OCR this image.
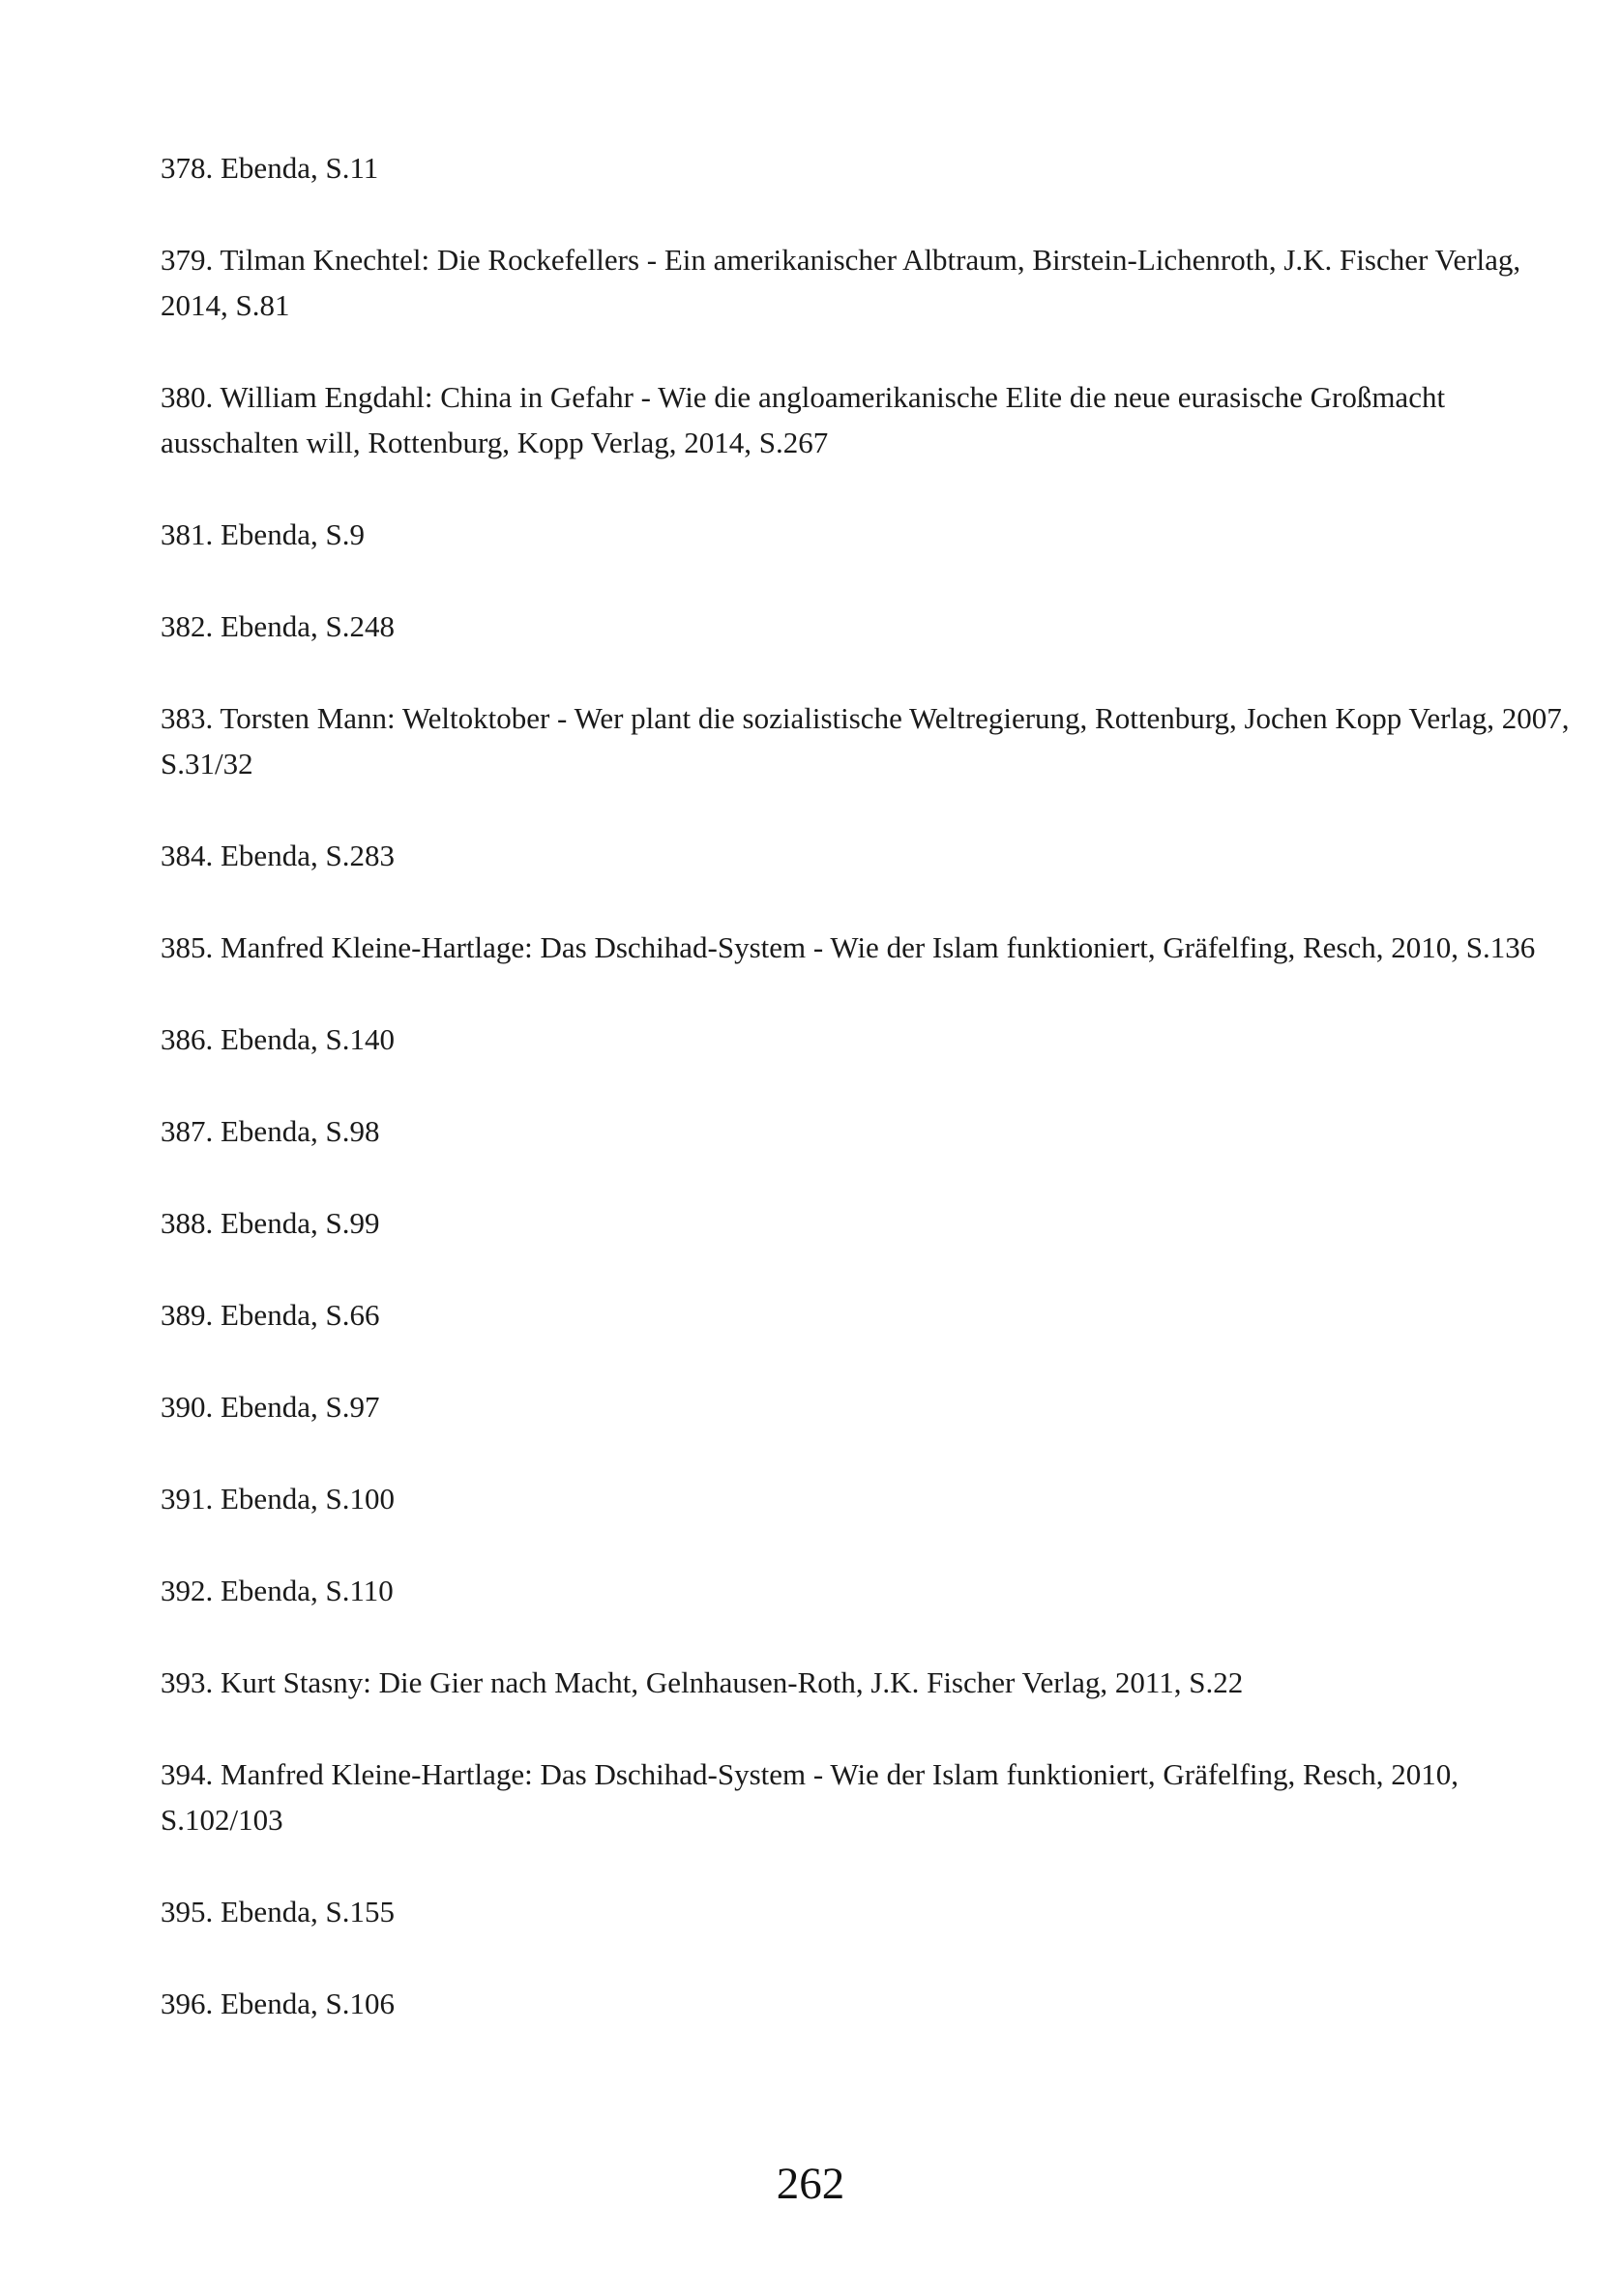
378. Ebenda, S.11
379. Tilman Knechtel: Die Rockefellers - Ein amerikanischer Albtraum, Birstein-Lichenroth, J.K. Fischer Verlag, 2014, S.81
380. William Engdahl: China in Gefahr - Wie die angloamerikanische Elite die neue eurasische Großmacht ausschalten will, Rottenburg, Kopp Verlag, 2014, S.267
381. Ebenda, S.9
382. Ebenda, S.248
383. Torsten Mann: Weltoktober - Wer plant die sozialistische Weltregierung, Rottenburg, Jochen Kopp Verlag, 2007, S.31/32
384. Ebenda, S.283
385. Manfred Kleine-Hartlage: Das Dschihad-System - Wie der Islam funktioniert, Gräfelfing, Resch, 2010, S.136
386. Ebenda, S.140
387. Ebenda, S.98
388. Ebenda, S.99
389. Ebenda, S.66
390. Ebenda, S.97
391. Ebenda, S.100
392. Ebenda, S.110
393. Kurt Stasny: Die Gier nach Macht, Gelnhausen-Roth, J.K. Fischer Verlag, 2011, S.22
394. Manfred Kleine-Hartlage: Das Dschihad-System - Wie der Islam funktioniert, Gräfelfing, Resch, 2010, S.102/103
395. Ebenda, S.155
396. Ebenda, S.106
262
